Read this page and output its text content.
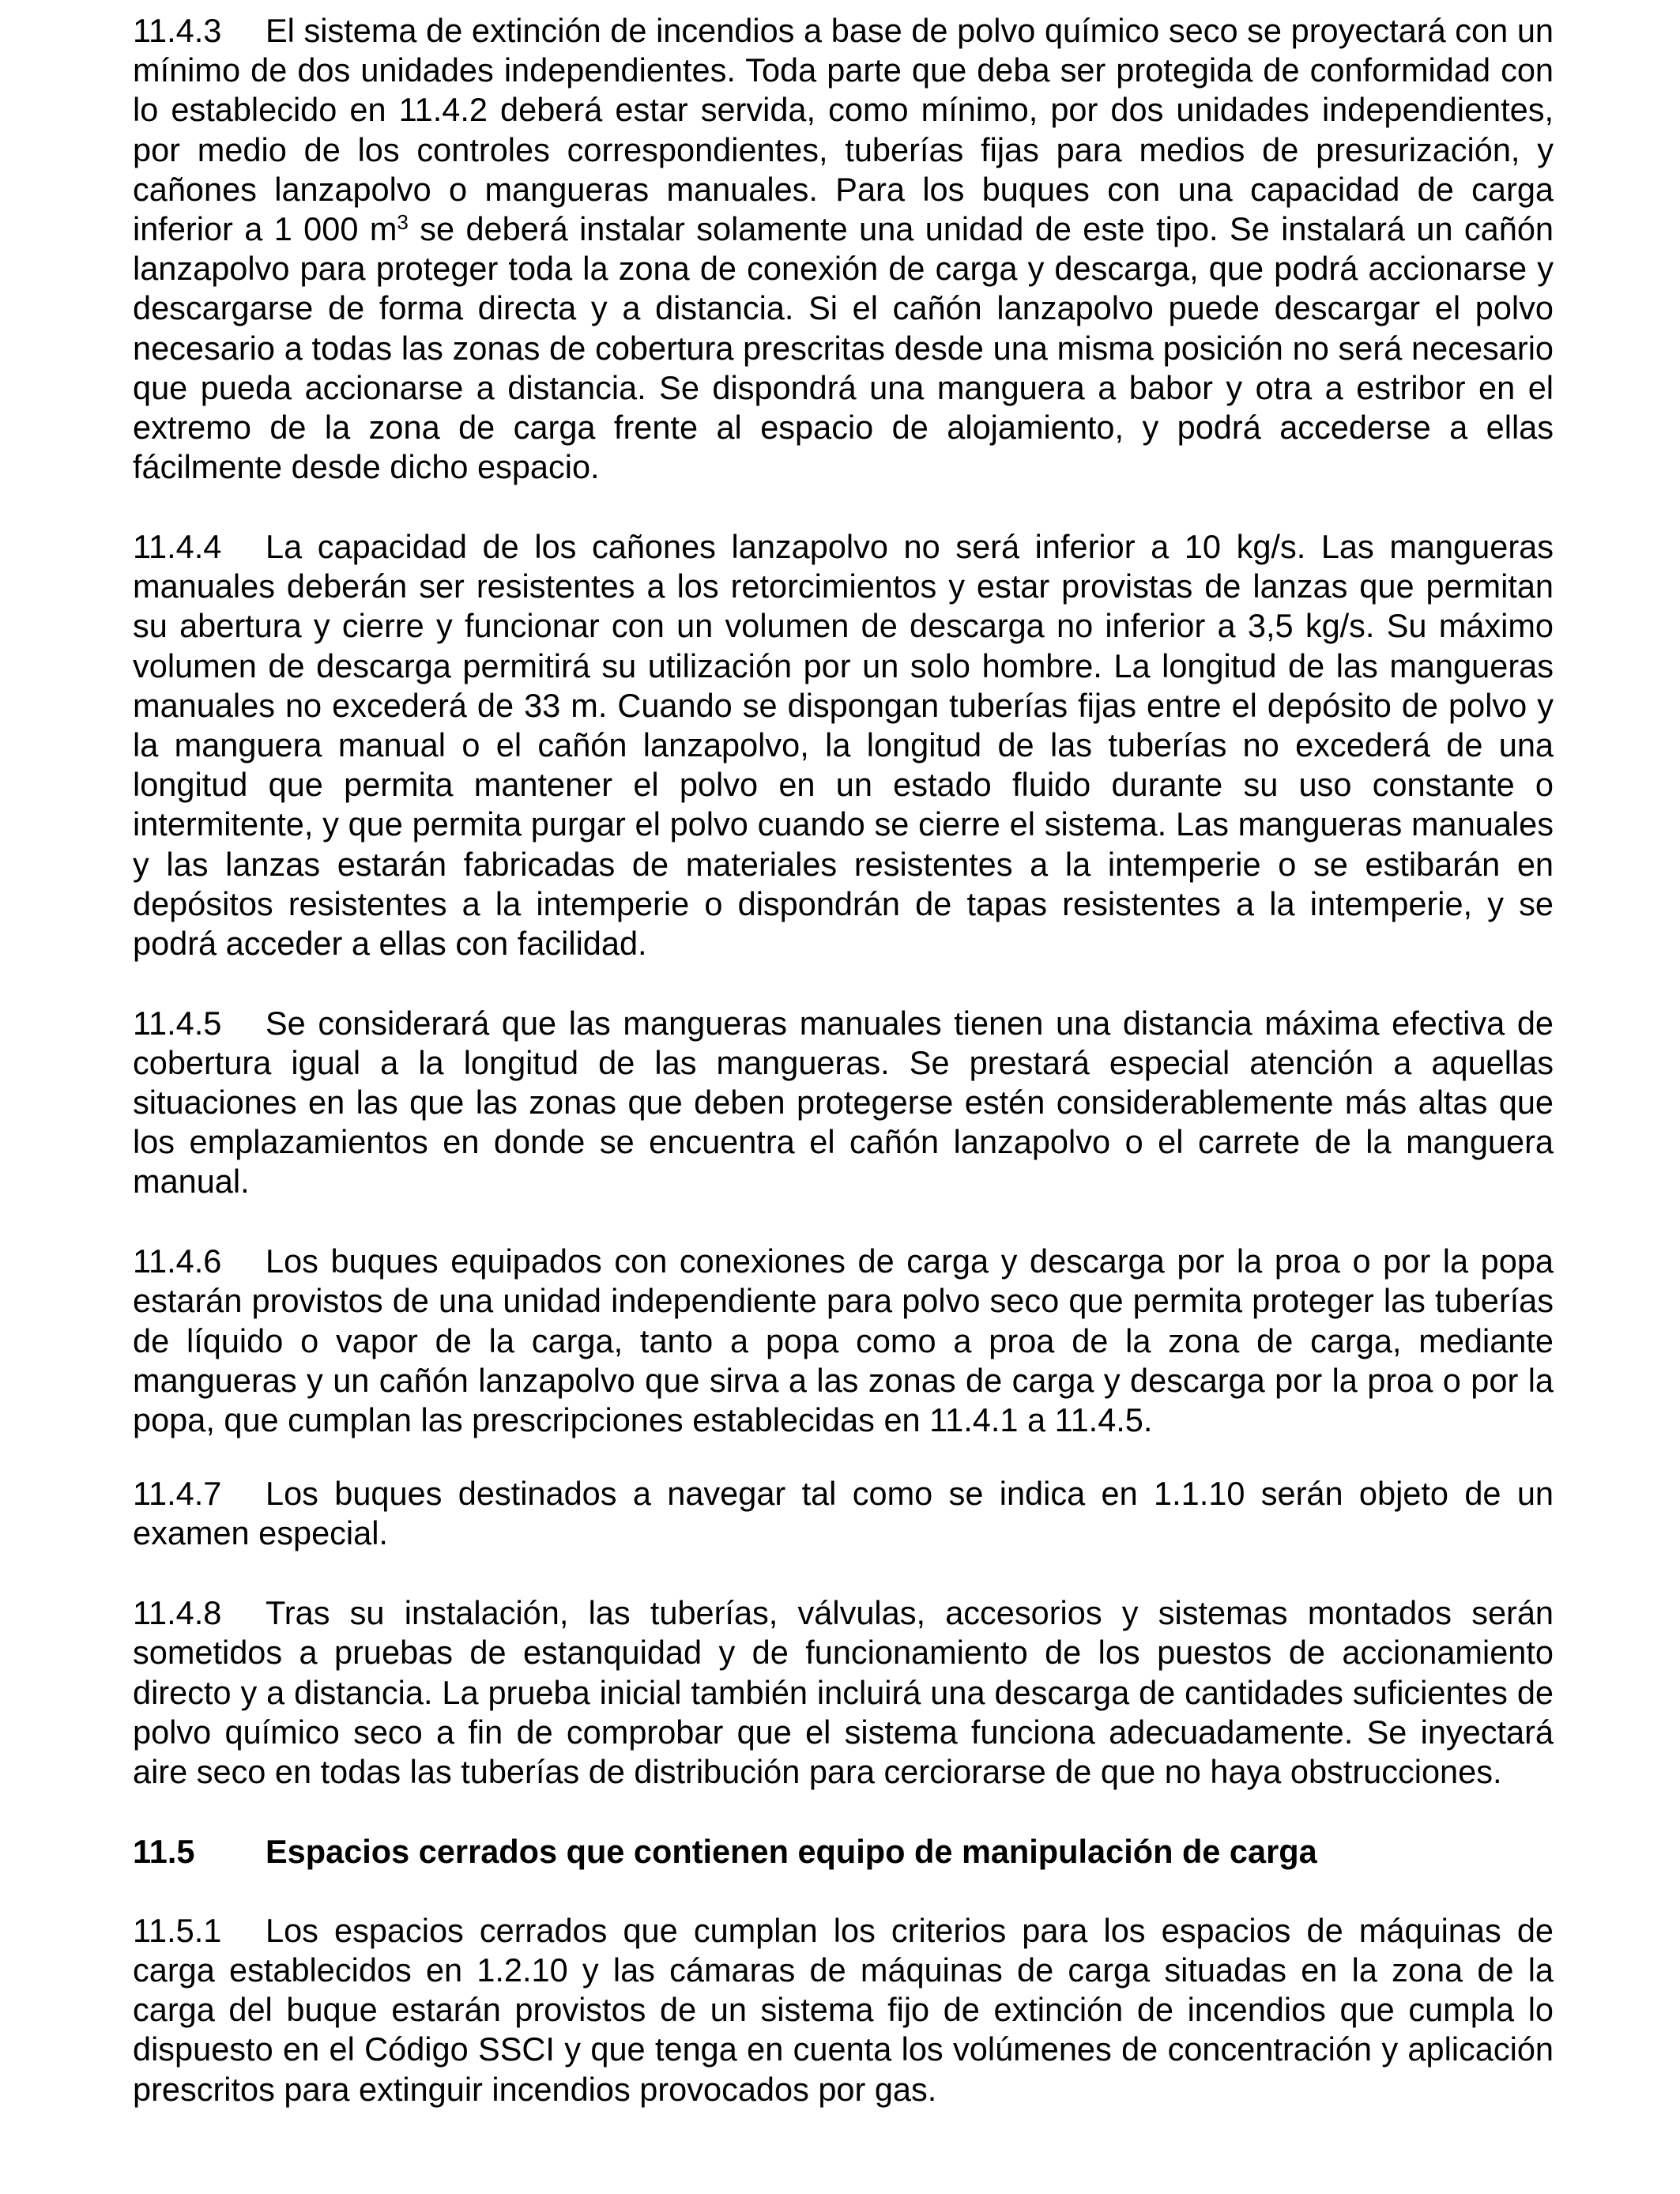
11.4.3 El sistema de extinción de incendios a base de polvo químico seco se proyectará con un mínimo de dos unidades independientes. Toda parte que deba ser protegida de conformidad con lo establecido en 11.4.2 deberá estar servida, como mínimo, por dos unidades independientes, por medio de los controles correspondientes, tuberías fijas para medios de presurización, y cañones lanzapolvo o mangueras manuales. Para los buques con una capacidad de carga inferior a 1 000 $m^3$ se deberá instalar solamente una unidad de este tipo. Se instalará un cañón lanzapolvo para proteger toda la zona de conexión de carga y descarga, que podrá accionarse y descargarse de forma directa y a distancia. Si el cañón lanzapolvo puede descargar el polvo necesario a todas las zonas de cobertura prescritas desde una misma posición no será necesario que pueda accionarse a distancia. Se dispondrá una manguera a babor y otra a estribor en el extremo de la zona de carga frente al espacio de alojamiento, y podrá accederse a ellas fácilmente desde dicho espacio.

11.4.4 La capacidad de los cañones lanzapolvo no será inferior a 10 kg/s. Las mangueras manuales deberán ser resistentes a los retorcimientos y estar provistas de lanzas que permitan su abertura y cierre y funcionar con un volumen de descarga no inferior a 3,5 kg/s. Su máximo volumen de descarga permitirá su utilización por un solo hombre. La longitud de las mangueras manuales no excederá de 33 m. Cuando se dispongan tuberías fijas entre el depósito de polvo y la manguera manual o el cañón lanzapolvo, la longitud de las tuberías no excederá de una longitud que permita mantener el polvo en un estado fluido durante su uso constante o intermitente, y que permita purgar el polvo cuando se cierre el sistema. Las mangueras manuales y las lanzas estarán fabricadas de materiales resistentes a la intemperie o se estibarán en depósitos resistentes a la intemperie o dispondrán de tapas resistentes a la intemperie, y se podrá acceder a ellas con facilidad.

11.4.5 Se considerará que las mangueras manuales tienen una distancia máxima efectiva de cobertura igual a la longitud de las mangueras. Se prestará especial atención a aquellas situaciones en las que las zonas que deben protegerse estén considerablemente más altas que los emplazamientos en donde se encuentra el cañón lanzapolvo o el carrete de la manguera manual.

11.4.6 Los buques equipados con conexiones de carga y descarga por la proa o por la popa estarán provistos de una unidad independiente para polvo seco que permita proteger las tuberías de líquido o vapor de la carga, tanto a popa como a proa de la zona de carga, mediante mangueras y un cañón lanzapolvo que sirva a las zonas de carga y descarga por la proa o por la popa, que cumplan las prescripciones establecidas en 11.4.1 a 11.4.5.

11.4.7 Los buques destinados a navegar tal como se indica en 1.1.10 serán objeto de un examen especial.

11.4.8 Tras su instalación, las tuberías, válvulas, accesorios y sistemas montados serán sometidos a pruebas de estanquidad y de funcionamiento de los puestos de accionamiento directo y a distancia. La prueba inicial también incluirá una descarga de cantidades suficientes de polvo químico seco a fin de comprobar que el sistema funciona adecuadamente. Se inyectará aire seco en todas las tuberías de distribución para cerciorarse de que no haya obstrucciones.

11.5 Espacios cerrados que contienen equipo de manipulación de carga

11.5.1 Los espacios cerrados que cumplan los criterios para los espacios de máquinas de carga establecidos en 1.2.10 y las cámaras de máquinas de carga situadas en la zona de la carga del buque estarán provistos de un sistema fijo de extinción de incendios que cumpla lo dispuesto en el Código SSCI y que tenga en cuenta los volúmenes de concentración y aplicación prescritos para extinguir incendios provocados por gas.
